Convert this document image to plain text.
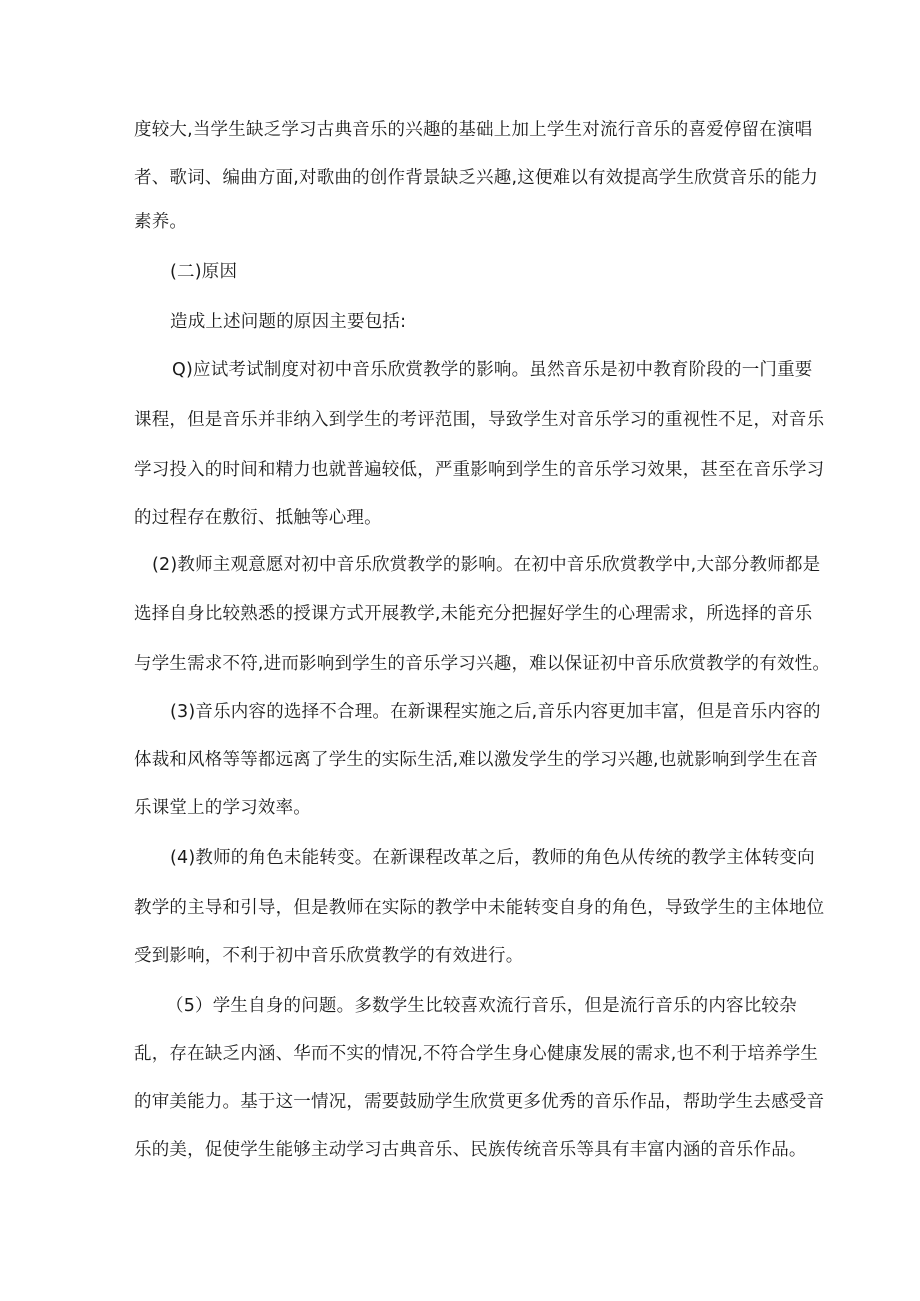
度较大,当学生缺乏学习古典音乐的兴趣的基础上加上学生对流行音乐的喜爱停留在演唱
者、歌词、编曲方面,对歌曲的创作背景缺乏兴趣,这便难以有效提高学生欣赏音乐的能力
素养。
(二)原因
造成上述问题的原因主要包括:
Q)应试考试制度对初中音乐欣赏教学的影响。虽然音乐是初中教育阶段的一门重要
课程，但是音乐并非纳入到学生的考评范围，导致学生对音乐学习的重视性不足，对音乐
学习投入的时间和精力也就普遍较低，严重影响到学生的音乐学习效果，甚至在音乐学习
的过程存在敷衍、抵触等心理。
(2)教师主观意愿对初中音乐欣赏教学的影响。在初中音乐欣赏教学中,大部分教师都是
选择自身比较熟悉的授课方式开展教学,未能充分把握好学生的心理需求，所选择的音乐
与学生需求不符,进而影响到学生的音乐学习兴趣，难以保证初中音乐欣赏教学的有效性。
(3)音乐内容的选择不合理。在新课程实施之后,音乐内容更加丰富，但是音乐内容的
体裁和风格等等都远离了学生的实际生活,难以激发学生的学习兴趣,也就影响到学生在音
乐课堂上的学习效率。
(4)教师的角色未能转变。在新课程改革之后，教师的角色从传统的教学主体转变向
教学的主导和引导，但是教师在实际的教学中未能转变自身的角色，导致学生的主体地位
受到影响，不利于初中音乐欣赏教学的有效进行。
（5）学生自身的问题。多数学生比较喜欢流行音乐，但是流行音乐的内容比较杂
乱，存在缺乏内涵、华而不实的情况,不符合学生身心健康发展的需求,也不利于培养学生
的审美能力。基于这一情况，需要鼓励学生欣赏更多优秀的音乐作品，帮助学生去感受音
乐的美，促使学生能够主动学习古典音乐、民族传统音乐等具有丰富内涵的音乐作品。
